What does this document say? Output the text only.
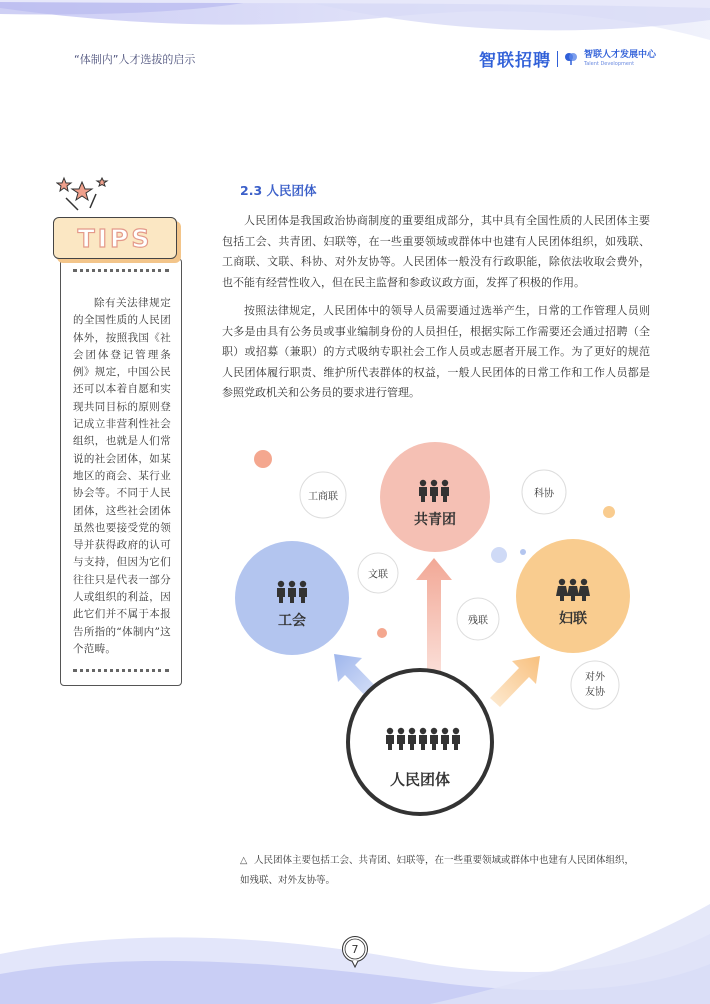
“体制内”人才选拔的启示	智联招聘	智联人才发展中心
Talent Development
TIPS
除有关法律规定的全国性质的人民团体外，按照我国《社会团体登记管理条例》规定，中国公民还可以本着自愿和实现共同目标的原则登记成立非营利性社会组织，也就是人们常说的社会团体，如某地区的商会、某行业协会等。不同于人民团体，这些社会团体虽然也要接受党的领导并获得政府的认可与支持，但因为它们往往只是代表一部分人或组织的利益，因此它们并不属于本报告所指的“体制内”这个范畴。
2.3 人民团体
人民团体是我国政治协商制度的重要组成部分，其中具有全国性质的人民团体主要包括工会、共青团、妇联等，在一些重要领域或群体中也建有人民团体组织，如残联、工商联、文联、科协、对外友协等。人民团体一般没有行政职能，除依法收取会费外，也不能有经营性收入，但在民主监督和参政议政方面，发挥了积极的作用。
按照法律规定，人民团体中的领导人员需要通过选举产生，日常的工作管理人员则大多是由具有公务员或事业编制身份的人员担任，根据实际工作需要还会通过招聘（全职）或招募（兼职）的方式吸纳专职社会工作人员或志愿者开展工作。为了更好的规范人民团体履行职责、维护所代表群体的权益，一般人民团体的日常工作和工作人员都是参照党政机关和公务员的要求进行管理。
共青团
工会	妇联
人民团体
工商联	科协
文联
残联
对外友协
△ 人民团体主要包括工会、共青团、妇联等，在一些重要领域或群体中也建有人民团体组织，如残联、对外友协等。
7
